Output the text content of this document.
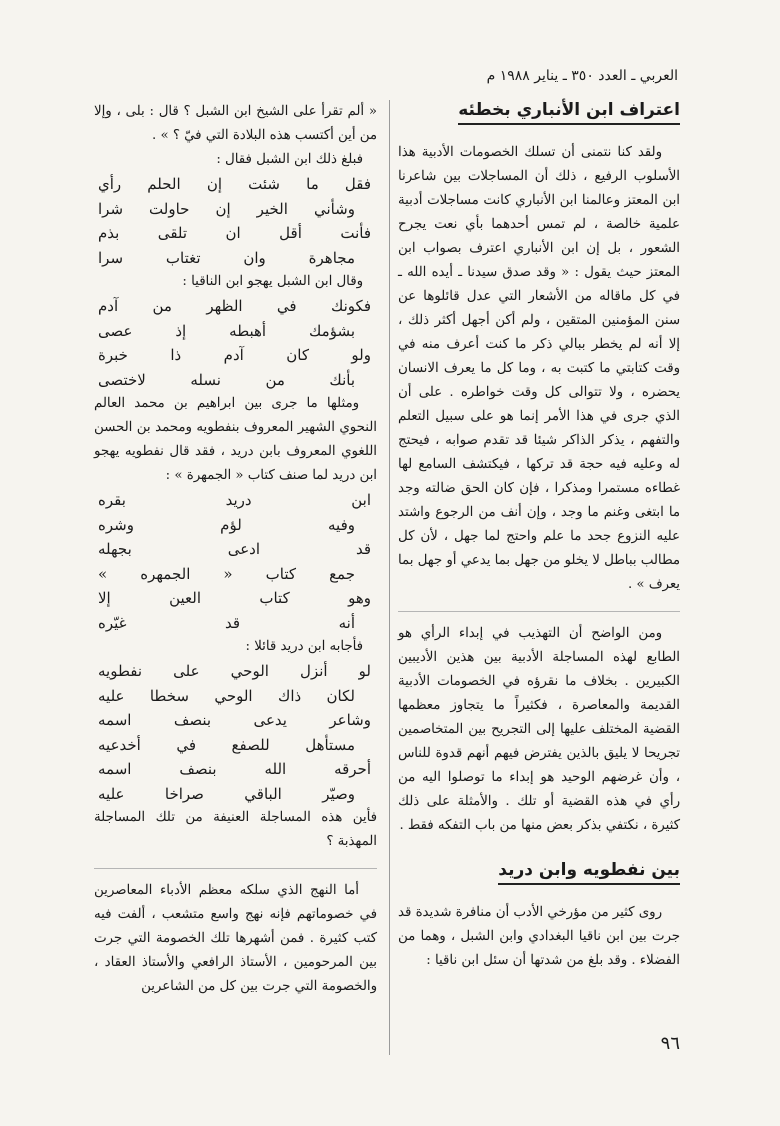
العربي ـ العدد ٣٥٠ ـ يناير ١٩٨٨ م
اعتراف ابن الأنباري بخطئه

ولقد كنا نتمنى أن تسلك الخصومات الأدبية هذا الأسلوب الرفيع ، ذلك أن المساجلات بين شاعرنا ابن المعتز وعالمنا ابن الأنباري كانت مساجلات أدبية علمية خالصة ، لم تمس أحدهما بأي نعت يجرح الشعور ، بل إن ابن الأنباري اعترف بصواب ابن المعتز حيث يقول : « وقد صدق سيدنا ـ أيده الله ـ في كل ماقاله من الأشعار التي عدل قائلوها عن سنن المؤمنين المتقين ، ولم أكن أجهل أكثر ذلك ، إلا أنه لم يخطر ببالي ذكر ما كنت أعرف منه في وقت كتابتي ما كتبت به ، وما كل ما يعرف الانسان يحضره ، ولا تتوالى كل وقت خواطره . على أن الذي جرى في هذا الأمر إنما هو على سبيل التعلم والتفهم ، يذكر الذاكر شيئا قد تقدم صوابه ، فيحتج له وعليه فيه حجة قد تركها ، فيكتشف السامع لها غطاءه مستمرا ومذكرا ، فإن كان الحق ضالته وجد ما ابتغى وغنم ما وجد ، وإن أنف من الرجوع واشتد عليه النزوع جحد ما علم واحتج لما جهل ، لأن كل مطالب بباطل لا يخلو من جهل بما يدعي أو جهل بما يعرف » .

ومن الواضح أن التهذيب في إبداء الرأي هو الطابع لهذه المساجلة الأدبية بين هذين الأديبين الكبيرين . بخلاف ما نقرؤه في الخصومات الأدبية القديمة والمعاصرة ، فكثيراً ما يتجاوز معظمها القضية المختلف عليها إلى التجريح بين المتخاصمين تجريحا لا يليق بالذين يفترض فيهم أنهم قدوة للناس ، وأن غرضهم الوحيد هو إبداء ما توصلوا اليه من رأي في هذه القضية أو تلك . والأمثلة على ذلك كثيرة ، نكتفي بذكر بعض منها من باب التفكه فقط .

بين نفطويه وابن دريد

روى كثير من مؤرخي الأدب أن منافرة شديدة قد جرت بين ابن ناقيا البغدادي وابن الشبل ، وهما من الفضلاء . وقد بلغ من شدتها أن سئل ابن ناقيا :

« ألم تقرأ على الشيخ ابن الشبل ؟ قال : بلى ، وإلا من أين أكتسب هذه البلادة التي فيّ ؟ » .

فبلغ ذلك ابن الشبل فقال :

فقل ما شئت إن الحلم رأي
وشأني الخير إن حاولت شرا
فأنت أقل ان تلقى بذم
مجاهرة وان تغتاب سرا

وقال ابن الشبل يهجو ابن الناقيا :

فكونك في الظهر من آدم
بشؤمك أهبطه إذ عصى
ولو كان آدم ذا خبرة
بأنك من نسله لاختصى

ومثلها ما جرى بين ابراهيم بن محمد العالم النحوي الشهير المعروف بنفطويه ومحمد بن الحسن اللغوي المعروف بابن دريد ، فقد قال نفطويه يهجو ابن دريد لما صنف كتاب « الجمهرة » :

ابن دريد بقره
وفيه لؤم وشره
قد ادعى بجهله
جمع كتاب « الجمهره »
وهو كتاب العين إلا
أنه قد غيّره

فأجابه ابن دريد قائلا :

لو أنزل الوحي على نفطويه
لكان ذاك الوحي سخطا عليه
وشاعر يدعى بنصف اسمه
مستأهل للصفع في أخدعيه
أحرقه الله بنصف اسمه
وصيّر الباقي صراخا عليه

فأين هذه المساجلة العنيفة من تلك المساجلة المهذبة ؟

أما النهج الذي سلكه معظم الأدباء المعاصرين في خصوماتهم فإنه نهج واسع متشعب ، ألفت فيه كتب كثيرة . فمن أشهرها تلك الخصومة التي جرت بين المرحومين ، الأستاذ الرافعي والأستاذ العقاد ، والخصومة التي جرت بين كل من الشاعرين

٩٦
